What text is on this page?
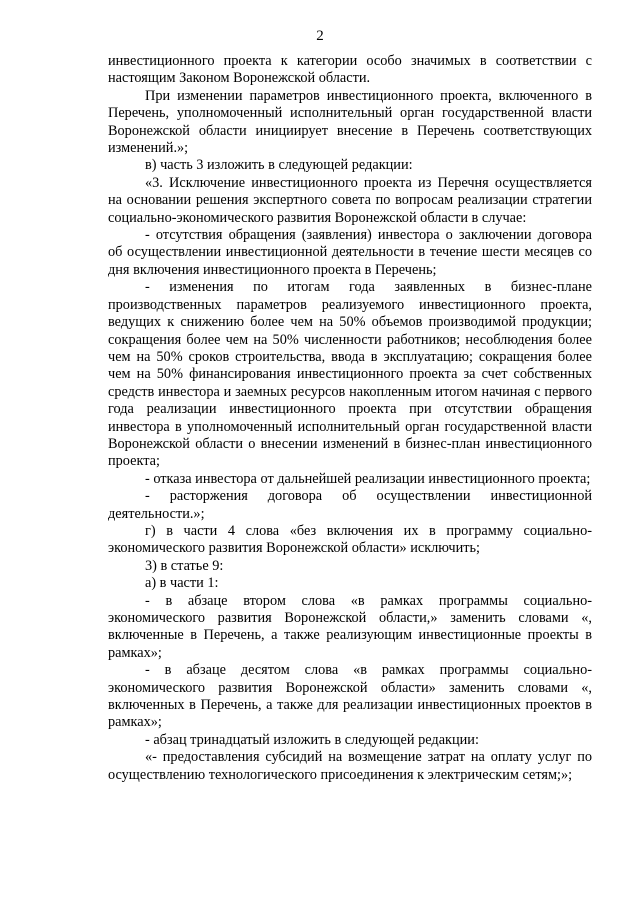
2

инвестиционного проекта к категории особо значимых в соответствии с настоящим Законом Воронежской области.

При изменении параметров инвестиционного проекта, включенного в Перечень, уполномоченный исполнительный орган государственной власти Воронежской области инициирует внесение в Перечень соответствующих изменений.»;

в) часть 3 изложить в следующей редакции:

«3. Исключение инвестиционного проекта из Перечня осуществляется на основании решения экспертного совета по вопросам реализации стратегии социально-экономического развития Воронежской области в случае:

- отсутствия обращения (заявления) инвестора о заключении договора об осуществлении инвестиционной деятельности в течение шести месяцев со дня включения инвестиционного проекта в Перечень;

- изменения по итогам года заявленных в бизнес-плане производственных параметров реализуемого инвестиционного проекта, ведущих к снижению более чем на 50% объемов производимой продукции; сокращения более чем на 50% численности работников; несоблюдения более чем на 50% сроков строительства, ввода в эксплуатацию; сокращения более чем на 50% финансирования инвестиционного проекта за счет собственных средств инвестора и заемных ресурсов накопленным итогом начиная с первого года реализации инвестиционного проекта при отсутствии обращения инвестора в уполномоченный исполнительный орган государственной власти Воронежской области о внесении изменений в бизнес-план инвестиционного проекта;

- отказа инвестора от дальнейшей реализации инвестиционного проекта;

- расторжения договора об осуществлении инвестиционной деятельности.»;

г) в части 4 слова «без включения их в программу социально-экономического развития Воронежской области» исключить;

3) в статье 9:

а) в части 1:

- в абзаце втором слова «в рамках программы социально-экономического развития Воронежской области,» заменить словами «, включенные в Перечень, а также реализующим инвестиционные проекты в рамках»;

- в абзаце десятом слова «в рамках программы социально-экономического развития Воронежской области» заменить словами «, включенных в Перечень, а также для реализации инвестиционных проектов в рамках»;

- абзац тринадцатый изложить в следующей редакции:

«- предоставления субсидий на возмещение затрат на оплату услуг по осуществлению технологического присоединения к электрическим сетям;»;
